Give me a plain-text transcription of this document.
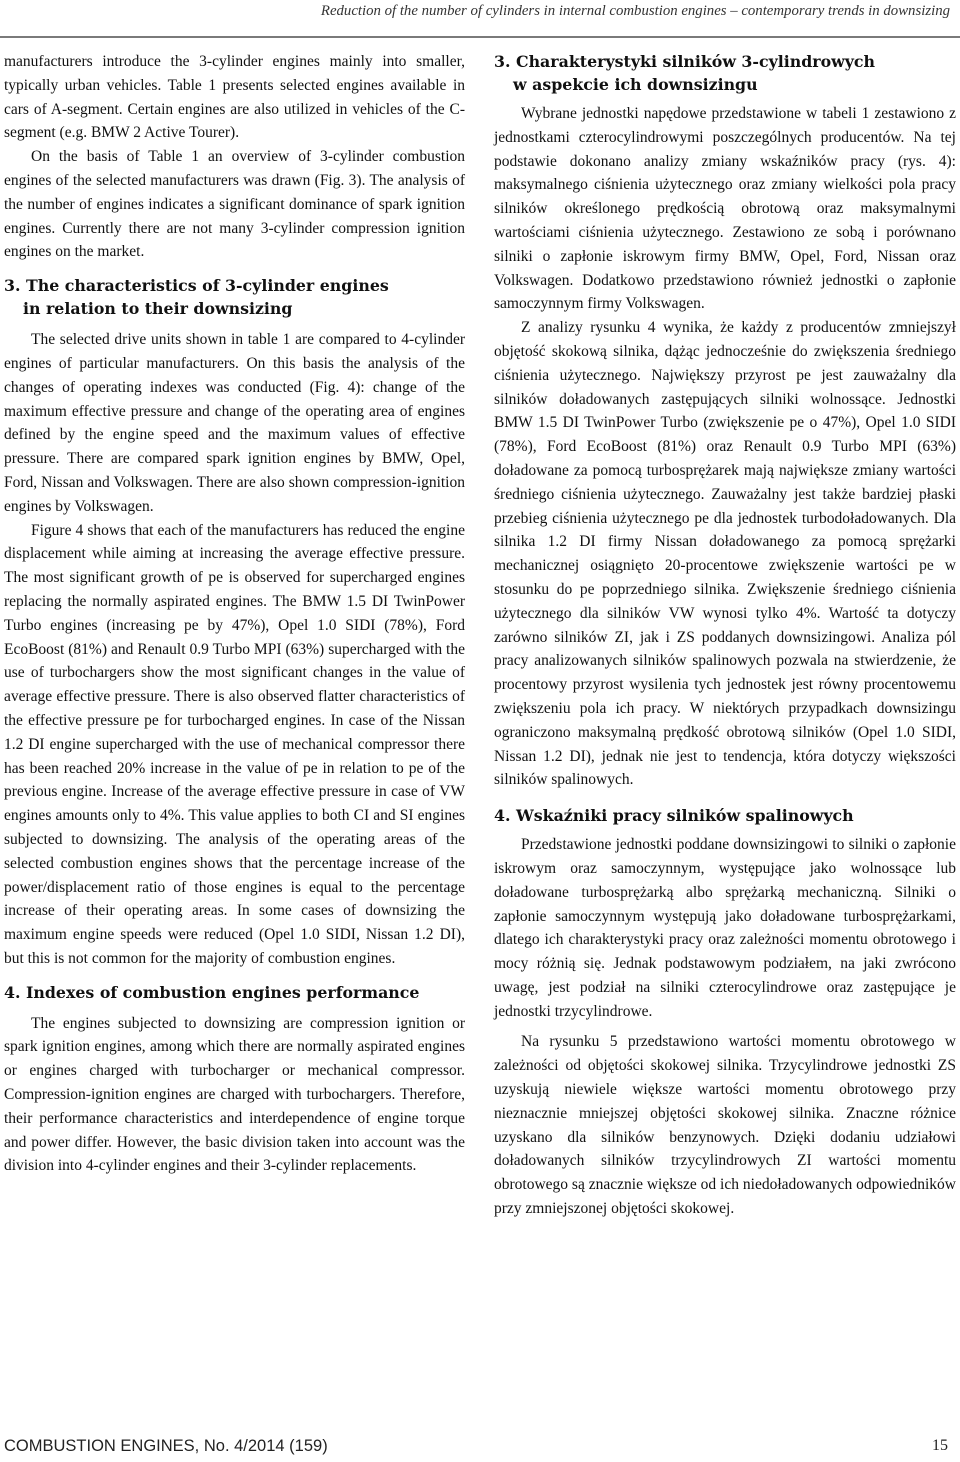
Reduction of the number of cylinders in internal combustion engines – contemporary trends in downsizing

manufacturers introduce the 3-cylinder engines mainly into smaller, typically urban vehicles. Table 1 presents selected engines available in cars of A-segment. Certain engines are also utilized in vehicles of the C-segment (e.g. BMW 2 Active Tourer).

On the basis of Table 1 an overview of 3-cylinder combustion engines of the selected manufacturers was drawn (Fig. 3). The analysis of the number of engines indicates a significant dominance of spark ignition engines. Currently there are not many 3-cylinder compression ignition engines on the market.

3. The characteristics of 3-cylinder engines
in relation to their downsizing

The selected drive units shown in table 1 are compared to 4-cylinder engines of particular manufacturers. On this basis the analysis of the changes of operating indexes was conducted (Fig. 4): change of the maximum effective pressure and change of the operating area of engines defined by the engine speed and the maximum values of effective pressure. There are compared spark ignition engines by BMW, Opel, Ford, Nissan and Volkswagen. There are also shown compression-ignition engines by Volkswagen.

Figure 4 shows that each of the manufacturers has reduced the engine displacement while aiming at increasing the average effective pressure. The most significant growth of pe is observed for supercharged engines replacing the normally aspirated engines. The BMW 1.5 DI TwinPower Turbo engines (increasing pe by 47%), Opel 1.0 SIDI (78%), Ford EcoBoost (81%) and Renault 0.9 Turbo MPI (63%) supercharged with the use of turbochargers show the most significant changes in the value of average effective pressure. There is also observed flatter characteristics of the effective pressure pe for turbocharged engines. In case of the Nissan 1.2 DI engine supercharged with the use of mechanical compressor there has been reached 20% increase in the value of pe in relation to pe of the previous engine. Increase of the average effective pressure in case of VW engines amounts only to 4%. This value applies to both CI and SI engines subjected to downsizing. The analysis of the operating areas of the selected combustion engines shows that the percentage increase of the power/displacement ratio of those engines is equal to the percentage increase of their operating areas. In some cases of downsizing the maximum engine speeds were reduced (Opel 1.0 SIDI, Nissan 1.2 DI), but this is not common for the majority of combustion engines.

4. Indexes of combustion engines performance

The engines subjected to downsizing are compression ignition or spark ignition engines, among which there are normally aspirated engines or engines charged with turbocharger or mechanical compressor. Compression-ignition engines are charged with turbochargers. Therefore, their performance characteristics and interdependence of engine torque and power differ. However, the basic division taken into account was the division into 4-cylinder engines and their 3-cylinder replacements.

3. Charakterystyki silników 3-cylindrowych
w aspekcie ich downsizingu

Wybrane jednostki napędowe przedstawione w tabeli 1 zestawiono z jednostkami czterocylindrowymi poszczególnych producentów. Na tej podstawie dokonano analizy zmiany wskaźników pracy (rys. 4): maksymalnego ciśnienia użytecznego oraz zmiany wielkości pola pracy silników określonego prędkością obrotową oraz maksymalnymi wartościami ciśnienia użytecznego. Zestawiono ze sobą i porównano silniki o zapłonie iskrowym firmy BMW, Opel, Ford, Nissan oraz Volkswagen. Dodatkowo przedstawiono również jednostki o zapłonie samoczynnym firmy Volkswagen.

Z analizy rysunku 4 wynika, że każdy z producentów zmniejszył objętość skokową silnika, dążąc jednocześnie do zwiększenia średniego ciśnienia użytecznego. Największy przyrost pe jest zauważalny dla silników doładowanych zastępujących silniki wolnossące. Jednostki BMW 1.5 DI TwinPower Turbo (zwiększenie pe o 47%), Opel 1.0 SIDI (78%), Ford EcoBoost (81%) oraz Renault 0.9 Turbo MPI (63%) doładowane za pomocą turbosprężarek mają największe zmiany wartości średniego ciśnienia użytecznego. Zauważalny jest także bardziej płaski przebieg ciśnienia użytecznego pe dla jednostek turbodoładowanych. Dla silnika 1.2 DI firmy Nissan doładowanego za pomocą sprężarki mechanicznej osiągnięto 20-procentowe zwiększenie wartości pe w stosunku do pe poprzedniego silnika. Zwiększenie średniego ciśnienia użytecznego dla silników VW wynosi tylko 4%. Wartość ta dotyczy zarówno silników ZI, jak i ZS poddanych downsizingowi. Analiza pól pracy analizowanych silników spalinowych pozwala na stwierdzenie, że procentowy przyrost wysilenia tych jednostek jest równy procentowemu zwiększeniu pola ich pracy. W niektórych przypadkach downsizingu ograniczono maksymalną prędkość obrotową silników (Opel 1.0 SIDI, Nissan 1.2 DI), jednak nie jest to tendencja, która dotyczy większości silników spalinowych.

4. Wskaźniki pracy silników spalinowych

Przedstawione jednostki poddane downsizingowi to silniki o zapłonie iskrowym oraz samoczynnym, występujące jako wolnossące lub doładowane turbosprężarką albo sprężarką mechaniczną. Silniki o zapłonie samoczynnym występują jako doładowane turbosprężarkami, dlatego ich charakterystyki pracy oraz zależności momentu obrotowego i mocy różnią się. Jednak podstawowym podziałem, na jaki zwrócono uwagę, jest podział na silniki czterocylindrowe oraz zastępujące je jednostki trzycylindrowe.

Na rysunku 5 przedstawiono wartości momentu obrotowego w zależności od objętości skokowej silnika. Trzycylindrowe jednostki ZS uzyskują niewiele większe wartości momentu obrotowego przy nieznacznie mniejszej objętości skokowej silnika. Znaczne różnice uzyskano dla silników benzynowych. Dzięki dodaniu udziałowi doładowanych silników trzycylindrowych ZI wartości momentu obrotowego są znacznie większe od ich niedoładowanych odpowiedników przy zmniejszonej objętości skokowej.

COMBUSTION ENGINES, No. 4/2014 (159)	15
